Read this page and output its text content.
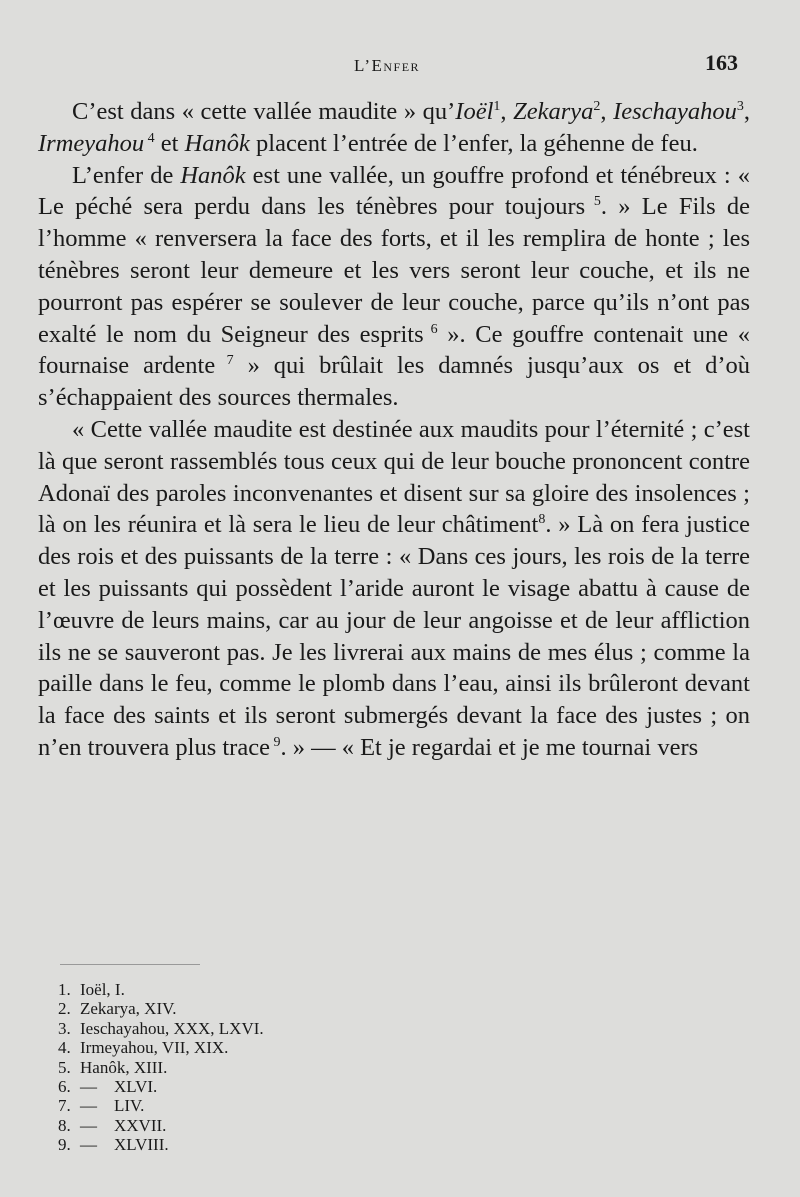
L’Enfer	163

C’est dans « cette vallée maudite » qu’Ioël$^1$, Zekarya$^2$, Ieschayahou$^3$, Irmeyahou $^4$ et Hanôk placent l’entrée de l’enfer, la géhenne de feu.

L’enfer de Hanôk est une vallée, un gouffre profond et ténébreux : « Le péché sera perdu dans les ténèbres pour toujours $^5$. » Le Fils de l’homme « renversera la face des forts, et il les remplira de honte ; les ténèbres seront leur demeure et les vers seront leur couche, et ils ne pourront pas espérer se soulever de leur couche, parce qu’ils n’ont pas exalté le nom du Seigneur des esprits $^6$ ». Ce gouffre contenait une « fournaise ardente $^7$ » qui brûlait les damnés jusqu’aux os et d’où s’échappaient des sources thermales.

« Cette vallée maudite est destinée aux maudits pour l’éternité ; c’est là que seront rassemblés tous ceux qui de leur bouche prononcent contre Adonaï des paroles inconvenantes et disent sur sa gloire des insolences ; là on les réunira et là sera le lieu de leur châtiment$^8$. » Là on fera justice des rois et des puissants de la terre : « Dans ces jours, les rois de la terre et les puissants qui possèdent l’aride auront le visage abattu à cause de l’œuvre de leurs mains, car au jour de leur angoisse et de leur affliction ils ne se sauveront pas. Je les livrerai aux mains de mes élus ; comme la paille dans le feu, comme le plomb dans l’eau, ainsi ils brûleront devant la face des saints et ils seront submergés devant la face des justes ; on n’en trouvera plus trace $^9$. » — « Et je regardai et je me tournai vers

1. Ioël, I.
2. Zekarya, XIV.
3. Ieschayahou, XXX, LXVI.
4. Irmeyahou, VII, XIX.
5. Hanôk, XIII.
6. —    XLVI.
7. —    LIV.
8. —    XXVII.
9. —    XLVIII.
